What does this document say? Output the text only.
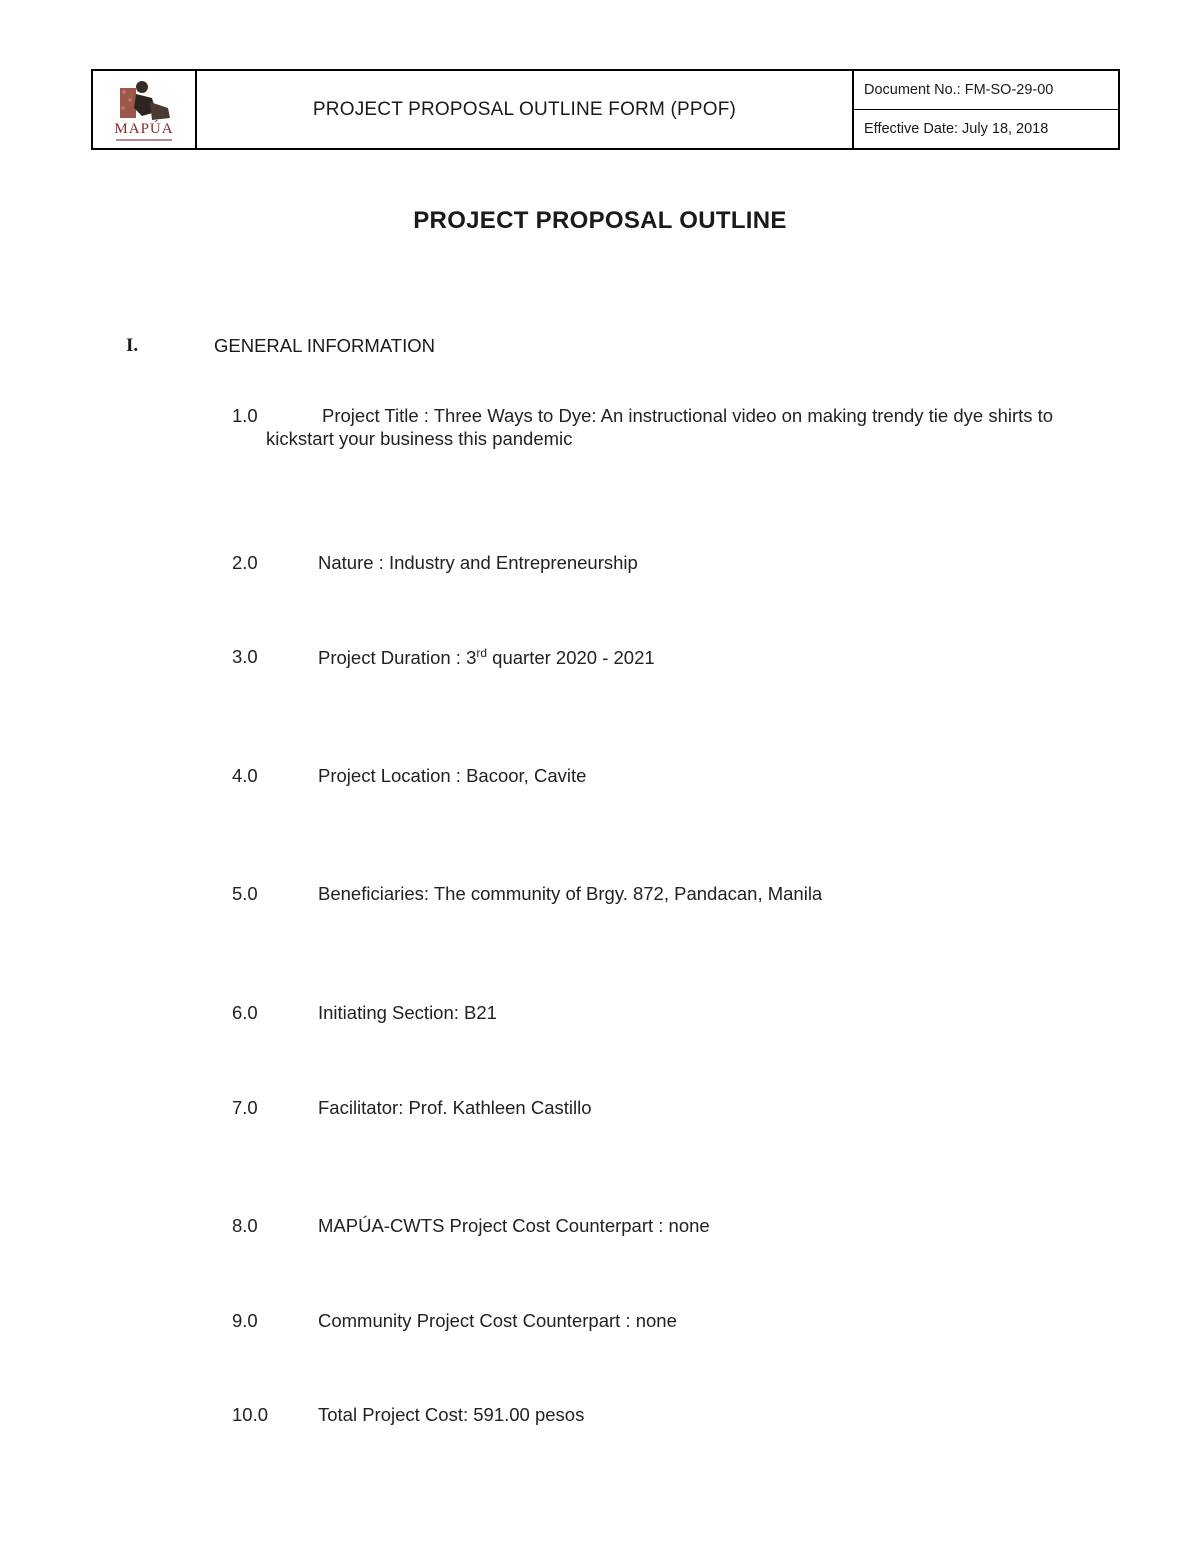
MAPÚA
PROJECT PROPOSAL OUTLINE FORM (PPOF)
Document No.: FM-SO-29-00
Effective Date: July 18, 2018
PROJECT PROPOSAL OUTLINE
I.	GENERAL INFORMATION
1.0	Project Title : Three Ways to Dye: An instructional video on making trendy tie dye shirts to
kickstart your business this pandemic
2.0	Nature : Industry and Entrepreneurship
3.0	Project Duration : 3rd quarter 2020 - 2021
4.0	Project Location : Bacoor, Cavite
5.0	Beneficiaries: The community of Brgy. 872, Pandacan, Manila
6.0	Initiating Section: B21
7.0	Facilitator: Prof. Kathleen Castillo
8.0	MAPÚA-CWTS Project Cost Counterpart : none
9.0	Community Project Cost Counterpart : none
10.0	Total Project Cost: 591.00 pesos
